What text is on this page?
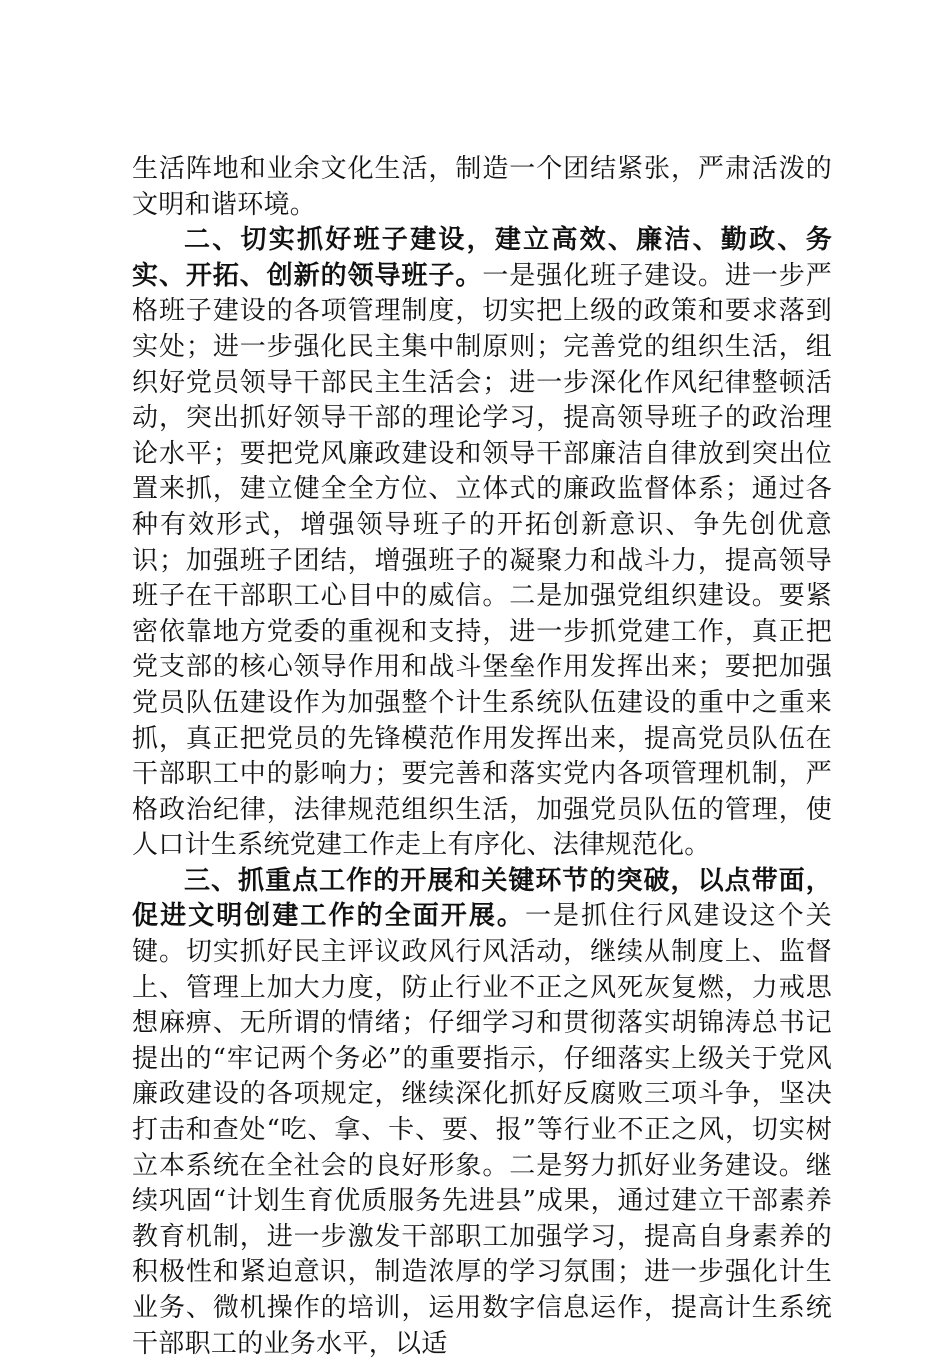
生活阵地和业余文化生活，制造一个团结紧张，严肃活泼的文明和谐环境。

二、切实抓好班子建设，建立高效、廉洁、勤政、务实、开拓、创新的领导班子。一是强化班子建设。进一步严格班子建设的各项管理制度，切实把上级的政策和要求落到实处；进一步强化民主集中制原则；完善党的组织生活，组织好党员领导干部民主生活会；进一步深化作风纪律整顿活动，突出抓好领导干部的理论学习，提高领导班子的政治理论水平；要把党风廉政建设和领导干部廉洁自律放到突出位置来抓，建立健全全方位、立体式的廉政监督体系；通过各种有效形式，增强领导班子的开拓创新意识、争先创优意识；加强班子团结，增强班子的凝聚力和战斗力，提高领导班子在干部职工心目中的威信。二是加强党组织建设。要紧密依靠地方党委的重视和支持，进一步抓党建工作，真正把党支部的核心领导作用和战斗堡垒作用发挥出来；要把加强党员队伍建设作为加强整个计生系统队伍建设的重中之重来抓，真正把党员的先锋模范作用发挥出来，提高党员队伍在干部职工中的影响力；要完善和落实党内各项管理机制，严格政治纪律，法律规范组织生活，加强党员队伍的管理，使人口计生系统党建工作走上有序化、法律规范化。

三、抓重点工作的开展和关键环节的突破，以点带面，促进文明创建工作的全面开展。一是抓住行风建设这个关键。切实抓好民主评议政风行风活动，继续从制度上、监督上、管理上加大力度，防止行业不正之风死灰复燃，力戒思想麻痹、无所谓的情绪；仔细学习和贯彻落实胡锦涛总书记提出的“牢记两个务必”的重要指示，仔细落实上级关于党风廉政建设的各项规定，继续深化抓好反腐败三项斗争，坚决打击和查处“吃、拿、卡、要、报”等行业不正之风，切实树立本系统在全社会的良好形象。二是努力抓好业务建设。继续巩固“计划生育优质服务先进县”成果，通过建立干部素养教育机制，进一步激发干部职工加强学习，提高自身素养的积极性和紧迫意识，制造浓厚的学习氛围；进一步强化计生业务、微机操作的培训，运用数字信息运作，提高计生系统干部职工的业务水平，以适
